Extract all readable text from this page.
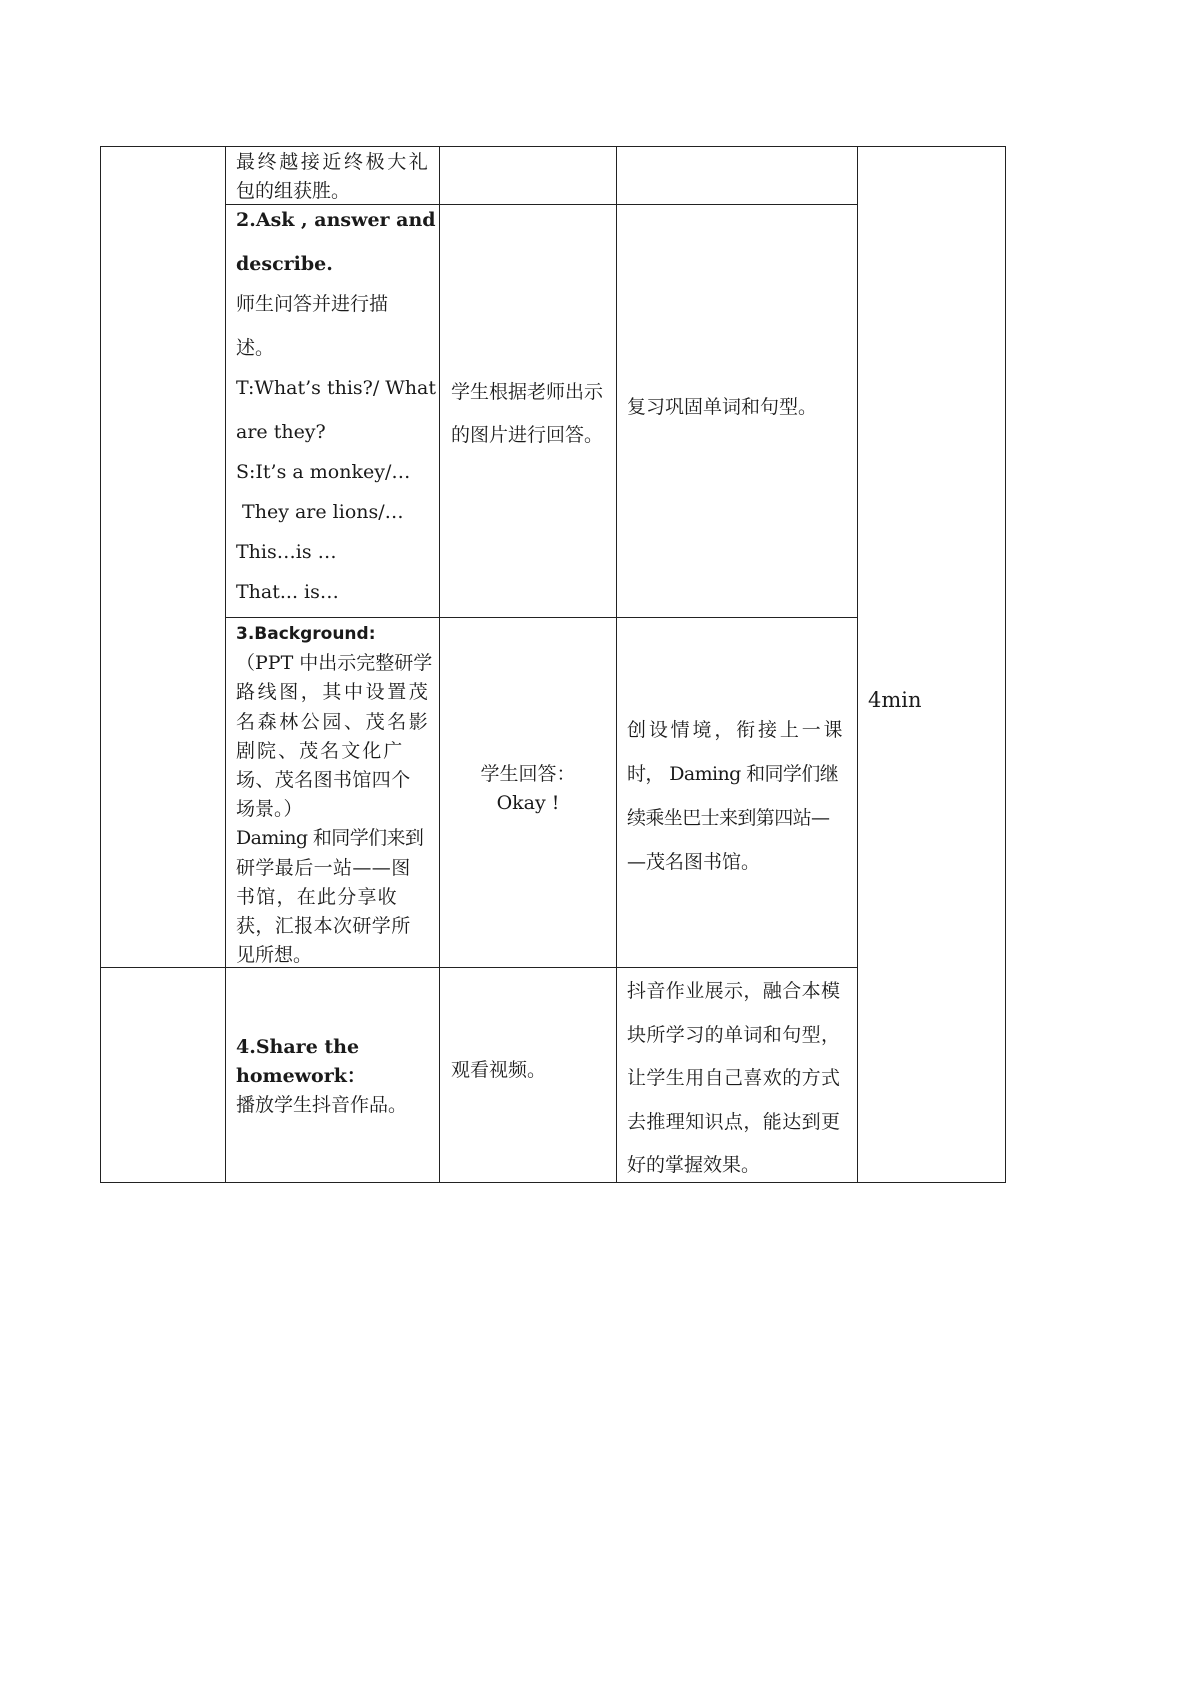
最终越接近终极大礼
包的组获胜。
2.Ask , answer and
describe.
师生问答并进行描
述。
T:What’s this?/ What
are they?
S:It’s a monkey/…
They are lions/…
This…is …
That... is…
学生根据老师出示
的图片进行回答。
复习巩固单词和句型。
4min
3.Background:
（PPT 中出示完整研学
路线图，其中设置茂
名森林公园、茂名影
剧 院 、 茂 名 文 化 广
场、茂名图书馆四个
场景。）
Daming 和同学们来到
研学最后一站——图
书 馆 ， 在 此 分 享 收
获，汇报本次研学所
见所想。
学生回答：
Okay !
创 设 情 境 ， 衔 接 上 一 课
时， Daming 和同学们继
续乘坐巴士来到第四站—
—茂名图书馆。
4.Share the
homework：
播放学生抖音作品。
观看视频。
抖音作业展示，融合本模
块所学习的单词和句型，
让学生用自己喜欢的方式
去推理知识点，能达到更
好的掌握效果。
